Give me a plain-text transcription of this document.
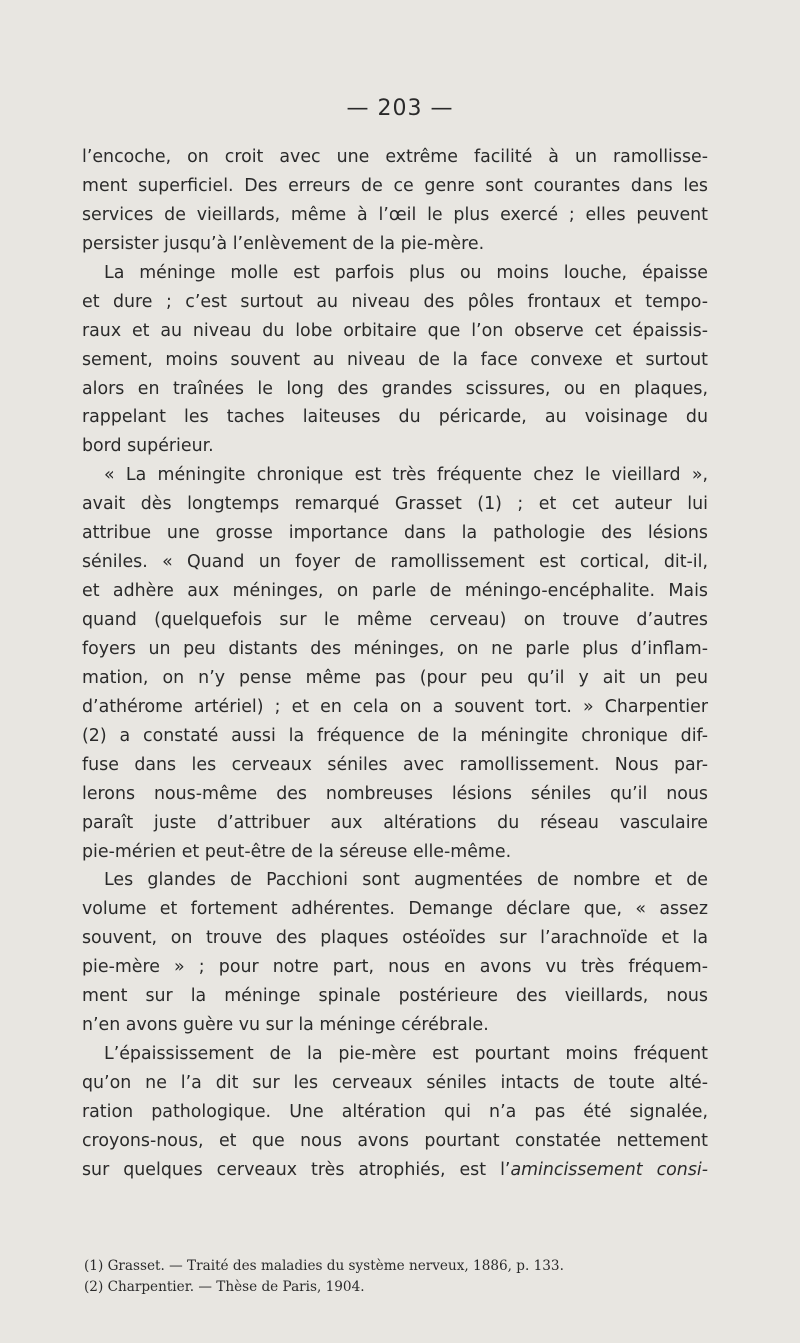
— 203 —
l’encoche, on croit avec une extrême facilité à un ramollisse-
ment superficiel. Des erreurs de ce genre sont courantes dans les
services de vieillards, même à l’œil le plus exercé ; elles peuvent
persister jusqu’à l’enlèvement de la pie-mère.
La méninge molle est parfois plus ou moins louche, épaisse
et dure ; c’est surtout au niveau des pôles frontaux et tempo-
raux et au niveau du lobe orbitaire que l’on observe cet épaissis-
sement, moins souvent au niveau de la face convexe et surtout
alors en traînées le long des grandes scissures, ou en plaques,
rappelant les taches laiteuses du péricarde, au voisinage du
bord supérieur.
« La méningite chronique est très fréquente chez le vieillard »,
avait dès longtemps remarqué Grasset (1) ; et cet auteur lui
attribue une grosse importance dans la pathologie des lésions
séniles. « Quand un foyer de ramollissement est cortical, dit-il,
et adhère aux méninges, on parle de méningo-encéphalite. Mais
quand (quelquefois sur le même cerveau) on trouve d’autres
foyers un peu distants des méninges, on ne parle plus d’inflam-
mation, on n’y pense même pas (pour peu qu’il y ait un peu
d’athérome artériel) ; et en cela on a souvent tort. » Charpentier
(2) a constaté aussi la fréquence de la méningite chronique dif-
fuse dans les cerveaux séniles avec ramollissement. Nous par-
lerons nous-même des nombreuses lésions séniles qu’il nous
paraît juste d’attribuer aux altérations du réseau vasculaire
pie-mérien et peut-être de la séreuse elle-même.
Les glandes de Pacchioni sont augmentées de nombre et de
volume et fortement adhérentes. Demange déclare que, « assez
souvent, on trouve des plaques ostéoïdes sur l’arachnoïde et la
pie-mère » ; pour notre part, nous en avons vu très fréquem-
ment sur la méninge spinale postérieure des vieillards, nous
n’en avons guère vu sur la méninge cérébrale.
L’épaississement de la pie-mère est pourtant moins fréquent
qu’on ne l’a dit sur les cerveaux séniles intacts de toute alté-
ration pathologique. Une altération qui n’a pas été signalée,
croyons-nous, et que nous avons pourtant constatée nettement
sur quelques cerveaux très atrophiés, est l’amincissement consi-
(1) Grasset. — Traité des maladies du système nerveux, 1886, p. 133.
(2) Charpentier. — Thèse de Paris, 1904.
